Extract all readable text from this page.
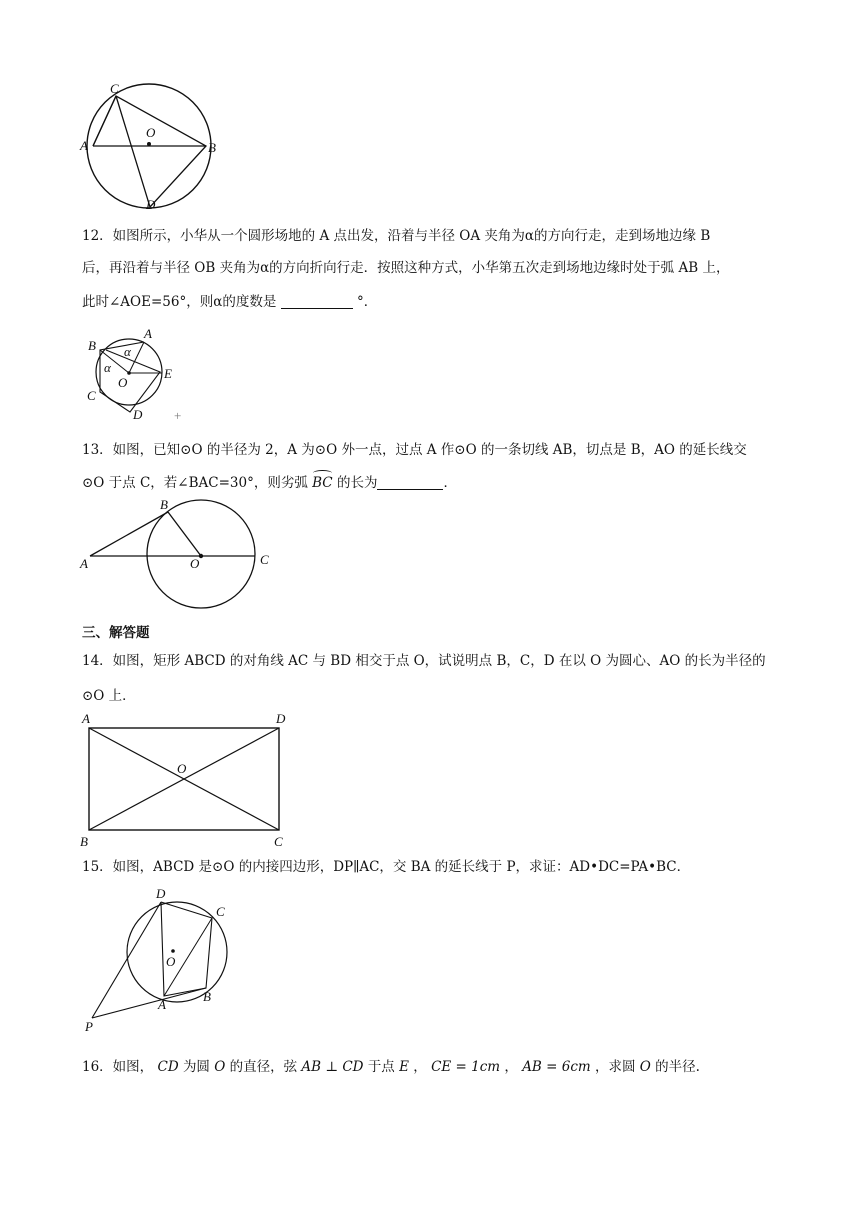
A	B
C
D
O
12．如图所示，小华从一个圆形场地的 A 点出发，沿着与半径 OA 夹角为α的方向行走，走到场地边缘 B
后，再沿着与半径 OB 夹角为α的方向折向行走．按照这种方式，小华第五次走到场地边缘时处于弧 AB 上，
此时∠AOE=56°，则α的度数是	°．
A
B
C
D
E
O
α
α
+
13．如图，已知⊙O 的半径为 2，A 为⊙O 外一点，过点 A 作⊙O 的一条切线 AB，切点是 B，AO 的延长线交
⊙O 于点 C，若∠BAC=30°，则劣弧 BC 的长为	．
A
B
C
O
三、解答题
14．如图，矩形 ABCD 的对角线 AC 与 BD 相交于点 O，试说明点 B，C，D 在以 O 为圆心、AO 的长为半径的
⊙O 上．
A	D
B	C
O
15．如图，ABCD 是⊙O 的内接四边形，DP∥AC，交 BA 的延长线于 P，求证：AD•DC=PA•BC．
D
C
B
A
O
P
16．如图， CD 为圆 O 的直径，弦 AB ⊥ CD 于点 E ， CE = 1cm ， AB = 6cm ，求圆 O 的半径.
